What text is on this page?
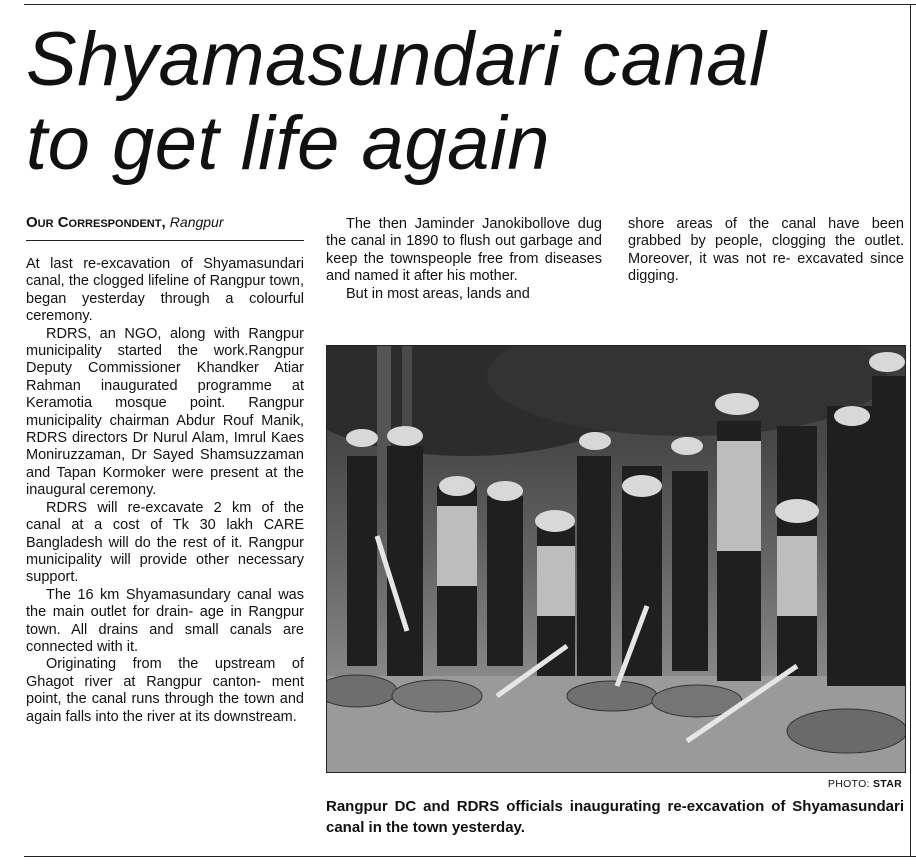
Shyamasundari canal
to get life again
Our Correspondent, Rangpur

At last re-excavation of Shyamasundari canal, the clogged lifeline of Rangpur town, began yesterday through a colourful ceremony.

RDRS, an NGO, along with Rangpur municipality started the work.Rangpur Deputy Commissioner Khandker Atiar Rahman inaugurated programme at Keramotia mosque point. Rangpur municipality chairman Abdur Rouf Manik, RDRS directors Dr Nurul Alam, Imrul Kaes Moniruzzaman, Dr Sayed Shamsuzzaman and Tapan Kormoker were present at the inaugural ceremony.

RDRS will re-excavate 2 km of the canal at a cost of Tk 30 lakh CARE Bangladesh will do the rest of it. Rangpur municipality will provide other necessary support.

The 16 km Shyamasundary canal was the main outlet for drain- age in Rangpur town. All drains and small canals are connected with it.

Originating from the upstream of Ghagot river at Rangpur canton- ment point, the canal runs through the town and again falls into the river at its downstream.

The then Jaminder Janokibollove dug the canal in 1890 to flush out garbage and keep the townspeople free from diseases and named it after his mother.

But in most areas, lands and

shore areas of the canal have been grabbed by people, clogging the outlet. Moreover, it was not re- excavated since digging.

PHOTO: STAR
Rangpur DC and RDRS officials inaugurating re-excavation of Shyamasundari canal in the town yesterday.
